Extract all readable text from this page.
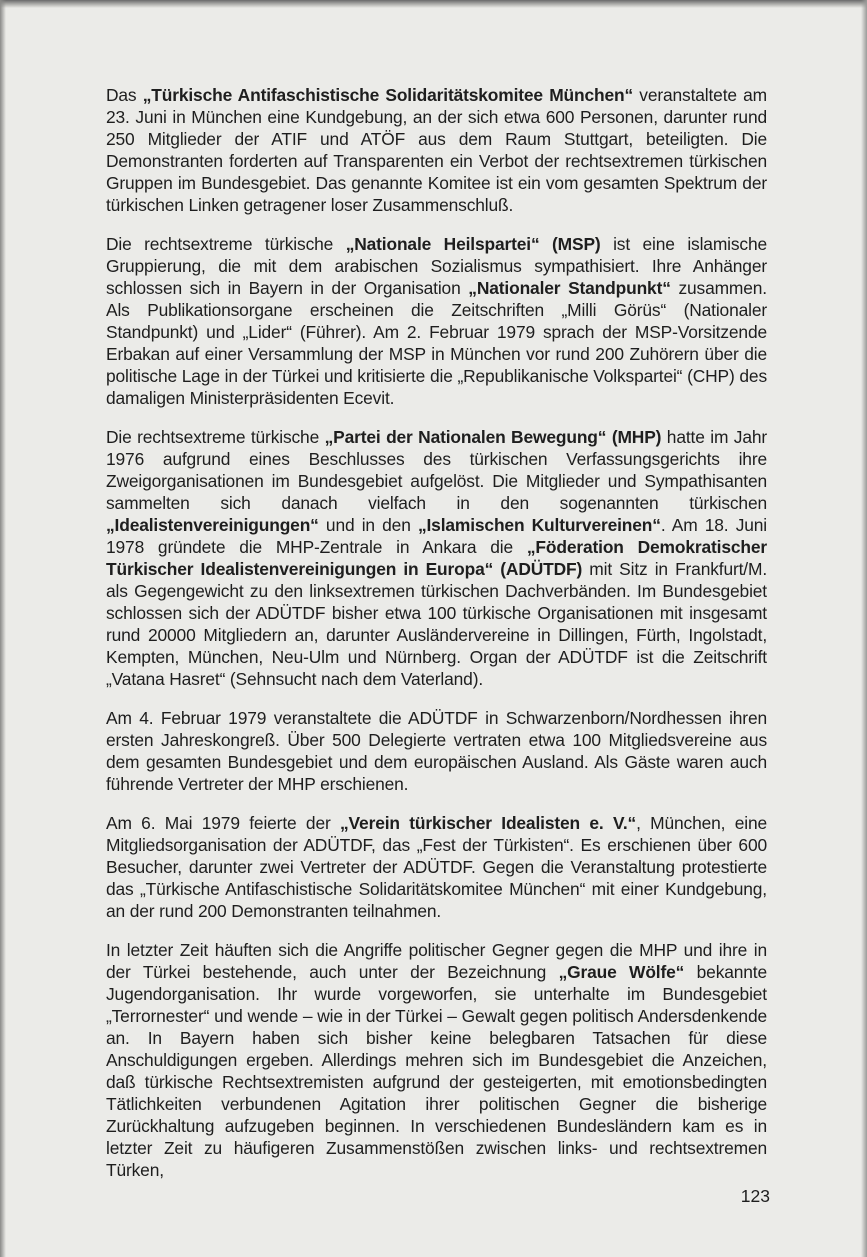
Das „Türkische Antifaschistische Solidaritätskomitee München“ veranstaltete am 23. Juni in München eine Kundgebung, an der sich etwa 600 Personen, darunter rund 250 Mitglieder der ATIF und ATÖF aus dem Raum Stuttgart, beteiligten. Die Demonstranten forderten auf Transparenten ein Verbot der rechtsextremen türkischen Gruppen im Bundesgebiet. Das genannte Komitee ist ein vom gesamten Spektrum der türkischen Linken getragener loser Zusammenschluß.

Die rechtsextreme türkische „Nationale Heilspartei“ (MSP) ist eine islamische Gruppierung, die mit dem arabischen Sozialismus sympathisiert. Ihre Anhänger schlossen sich in Bayern in der Organisation „Nationaler Standpunkt“ zusammen. Als Publikationsorgane erscheinen die Zeitschriften „Milli Görüs“ (Nationaler Standpunkt) und „Lider“ (Führer). Am 2. Februar 1979 sprach der MSP-Vorsitzende Erbakan auf einer Versammlung der MSP in München vor rund 200 Zuhörern über die politische Lage in der Türkei und kritisierte die „Republikanische Volkspartei“ (CHP) des damaligen Ministerpräsidenten Ecevit.

Die rechtsextreme türkische „Partei der Nationalen Bewegung“ (MHP) hatte im Jahr 1976 aufgrund eines Beschlusses des türkischen Verfassungsgerichts ihre Zweigorganisationen im Bundesgebiet aufgelöst. Die Mitglieder und Sympathisanten sammelten sich danach vielfach in den sogenannten türkischen „Idealistenvereinigungen“ und in den „Islamischen Kulturvereinen“. Am 18. Juni 1978 gründete die MHP-Zentrale in Ankara die „Föderation Demokratischer Türkischer Idealistenvereinigungen in Europa“ (ADÜTDF) mit Sitz in Frankfurt/M. als Gegengewicht zu den linksextremen türkischen Dachverbänden. Im Bundesgebiet schlossen sich der ADÜTDF bisher etwa 100 türkische Organisationen mit insgesamt rund 20000 Mitgliedern an, darunter Ausländervereine in Dillingen, Fürth, Ingolstadt, Kempten, München, Neu-Ulm und Nürnberg. Organ der ADÜTDF ist die Zeitschrift „Vatana Hasret“ (Sehnsucht nach dem Vaterland).

Am 4. Februar 1979 veranstaltete die ADÜTDF in Schwarzenborn/Nordhessen ihren ersten Jahreskongreß. Über 500 Delegierte vertraten etwa 100 Mitgliedsvereine aus dem gesamten Bundesgebiet und dem europäischen Ausland. Als Gäste waren auch führende Vertreter der MHP erschienen.

Am 6. Mai 1979 feierte der „Verein türkischer Idealisten e. V.“, München, eine Mitgliedsorganisation der ADÜTDF, das „Fest der Türkisten“. Es erschienen über 600 Besucher, darunter zwei Vertreter der ADÜTDF. Gegen die Veranstaltung protestierte das „Türkische Antifaschistische Solidaritätskomitee München“ mit einer Kundgebung, an der rund 200 Demonstranten teilnahmen.

In letzter Zeit häuften sich die Angriffe politischer Gegner gegen die MHP und ihre in der Türkei bestehende, auch unter der Bezeichnung „Graue Wölfe“ bekannte Jugendorganisation. Ihr wurde vorgeworfen, sie unterhalte im Bundesgebiet „Terrornester“ und wende – wie in der Türkei – Gewalt gegen politisch Andersdenkende an. In Bayern haben sich bisher keine belegbaren Tatsachen für diese Anschuldigungen ergeben. Allerdings mehren sich im Bundesgebiet die Anzeichen, daß türkische Rechtsextremisten aufgrund der gesteigerten, mit emotionsbedingten Tätlichkeiten verbundenen Agitation ihrer politischen Gegner die bisherige Zurückhaltung aufzugeben beginnen. In verschiedenen Bundesländern kam es in letzter Zeit zu häufigeren Zusammenstößen zwischen links- und rechtsextremen Türken,

123
